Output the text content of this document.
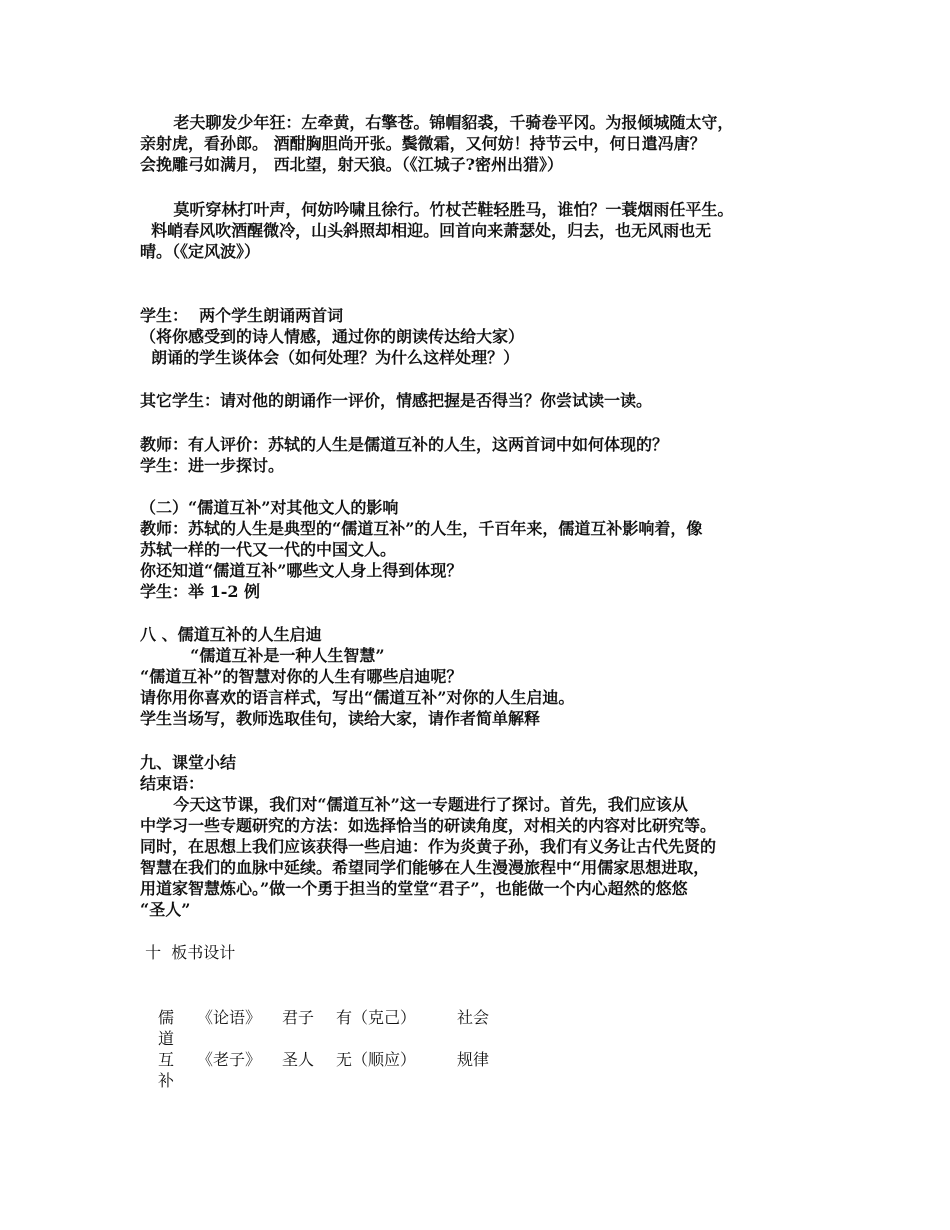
老夫聊发少年狂：左牵黄，右擎苍。锦帽貂裘，千骑卷平冈。为报倾城随太守，
亲射虎，看孙郎。 酒酣胸胆尚开张。鬓微霜，又何妨！持节云中，何日遣冯唐？
会挽雕弓如满月， 西北望，射天狼。（《江城子?密州出猎》）
莫听穿林打叶声，何妨吟啸且徐行。竹杖芒鞋轻胜马，谁怕？一蓑烟雨任平生。
料峭春风吹酒醒微冷，山头斜照却相迎。回首向来萧瑟处，归去，也无风雨也无
晴。（《定风波》）
学生：  两个学生朗诵两首词
（将你感受到的诗人情感，通过你的朗读传达给大家）
朗诵的学生谈体会（如何处理？为什么这样处理？）
其它学生：请对他的朗诵作一评价，情感把握是否得当？你尝试读一读。
教师：有人评价：苏轼的人生是儒道互补的人生，这两首词中如何体现的？
学生：进一步探讨。
（二）“儒道互补”对其他文人的影响
教师：苏轼的人生是典型的“儒道互补”的人生，千百年来，儒道互补影响着，像
苏轼一样的一代又一代的中国文人。
你还知道“儒道互补”哪些文人身上得到体现？
学生：举 1-2 例
八 、儒道互补的人生启迪
“儒道互补是一种人生智慧”
“儒道互补”的智慧对你的人生有哪些启迪呢？
请你用你喜欢的语言样式，写出“儒道互补”对你的人生启迪。
学生当场写，教师选取佳句，读给大家，请作者简单解释
九、课堂小结
结束语：
今天这节课，我们对“儒道互补”这一专题进行了探讨。首先，我们应该从
中学习一些专题研究的方法：如选择恰当的研读角度，对相关的内容对比研究等。
同时，在思想上我们应该获得一些启迪：作为炎黄子孙，我们有义务让古代先贤的
智慧在我们的血脉中延续。希望同学们能够在人生漫漫旅程中“用儒家思想进取，
用道家智慧炼心。”做一个勇于担当的堂堂“君子”，也能做一个内心超然的悠悠
“圣人”
十  板书设计
儒
道
互
补
《论语》 君子 有（克己）	社会
《老子》 圣人 无（顺应）	规律
